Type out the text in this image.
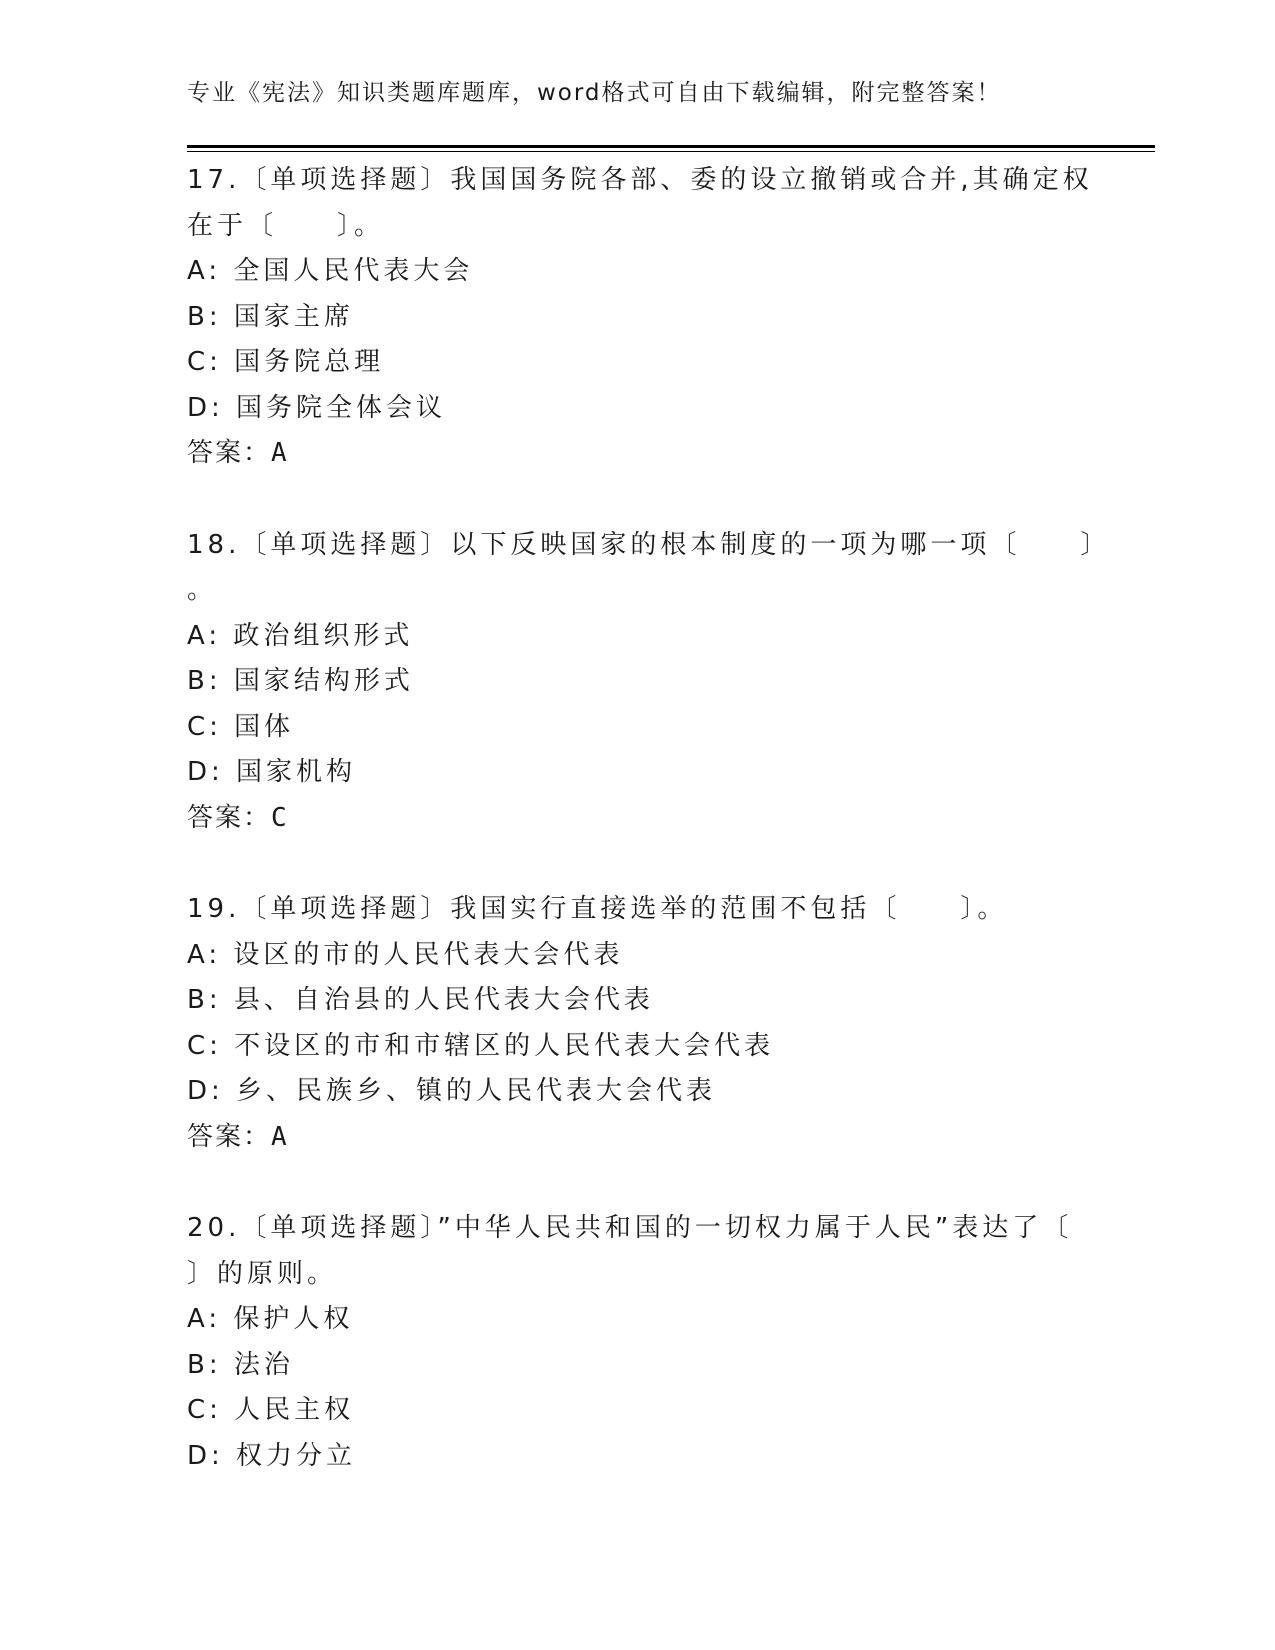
专业《宪法》知识类题库题库，word格式可自由下载编辑，附完整答案！
17.〔单项选择题〕我国国务院各部、委的设立撤销或合并,其确定权
在于〔　　〕。
A: 全国人民代表大会
B: 国家主席
C: 国务院总理
D: 国务院全体会议
答案：A
18.〔单项选择题〕以下反映国家的根本制度的一项为哪一项〔　　〕
。
A: 政治组织形式
B: 国家结构形式
C: 国体
D: 国家机构
答案：C
19.〔单项选择题〕我国实行直接选举的范围不包括〔　　〕。
A: 设区的市的人民代表大会代表
B: 县、自治县的人民代表大会代表
C: 不设区的市和市辖区的人民代表大会代表
D: 乡、民族乡、镇的人民代表大会代表
答案：A
20.〔单项选择题〕”中华人民共和国的一切权力属于人民”表达了〔
〕的原则。
A: 保护人权
B: 法治
C: 人民主权
D: 权力分立
